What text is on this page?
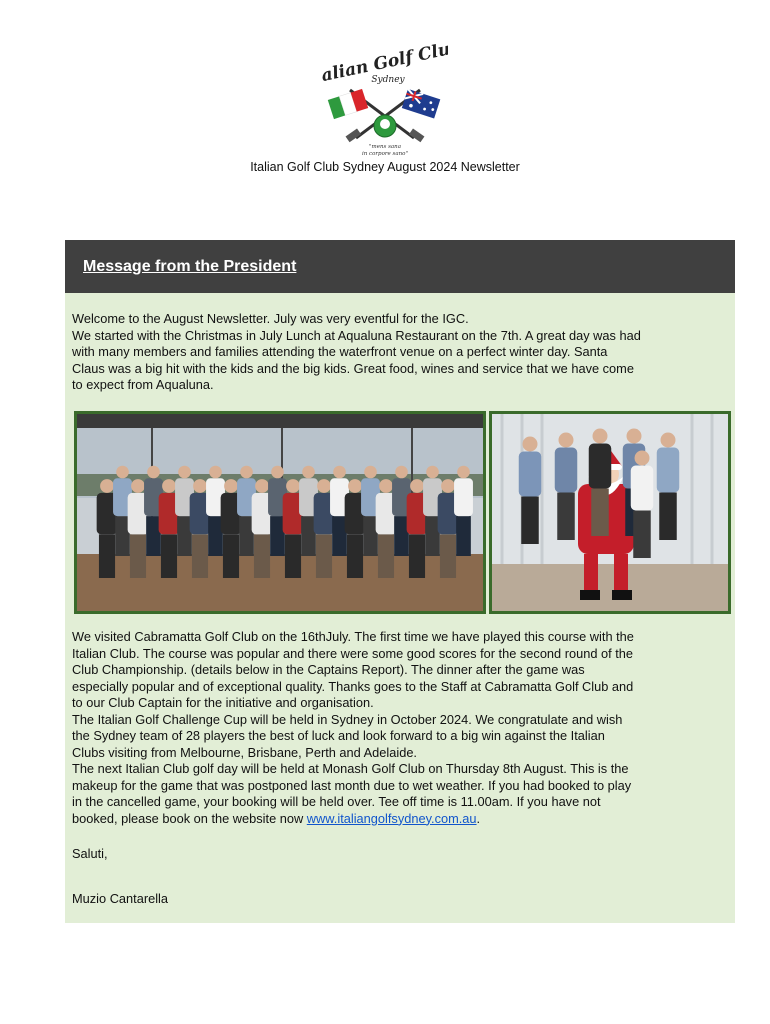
Italian Golf Club
Sydney
"mens sana
in corpore sano"
Italian Golf Club Sydney August 2024 Newsletter
Message from the President
Welcome to the August Newsletter. July was very eventful for the IGC.
We started with the Christmas in July Lunch at Aqualuna Restaurant on the 7th. A great day was had
with many members and families attending the waterfront venue on a perfect winter day. Santa
Claus was a big hit with the kids and the big kids. Great food, wines and service that we have come
to expect from Aqualuna.
We visited Cabramatta Golf Club on the 16thJuly. The first time we have played this course with the
Italian Club. The course was popular and there were some good scores for the second round of the
Club Championship. (details below in the Captains Report). The dinner after the game was
especially popular and of exceptional quality. Thanks goes to the Staff at Cabramatta Golf Club and
to our Club Captain for the initiative and organisation.
The Italian Golf Challenge Cup will be held in Sydney in October 2024. We congratulate and wish
the Sydney team of 28 players the best of luck and look forward to a big win against the Italian
Clubs visiting from Melbourne, Brisbane, Perth and Adelaide.
The next Italian Club golf day will be held at Monash Golf Club on Thursday 8th August. This is the
makeup for the game that was postponed last month due to wet weather. If you had booked to play
in the cancelled game, your booking will be held over. Tee off time is 11.00am. If you have not
booked, please book on the website now www.italiangolfsydney.com.au.

Saluti,

Muzio Cantarella
